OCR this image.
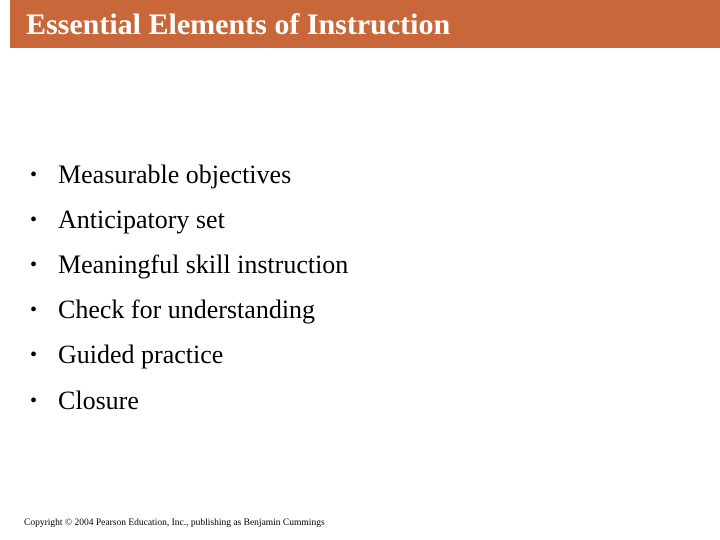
Essential Elements of Instruction
• Measurable objectives
• Anticipatory set
• Meaningful skill instruction
• Check for understanding
• Guided practice
• Closure
Copyright © 2004 Pearson Education, Inc., publishing as Benjamin Cummings
